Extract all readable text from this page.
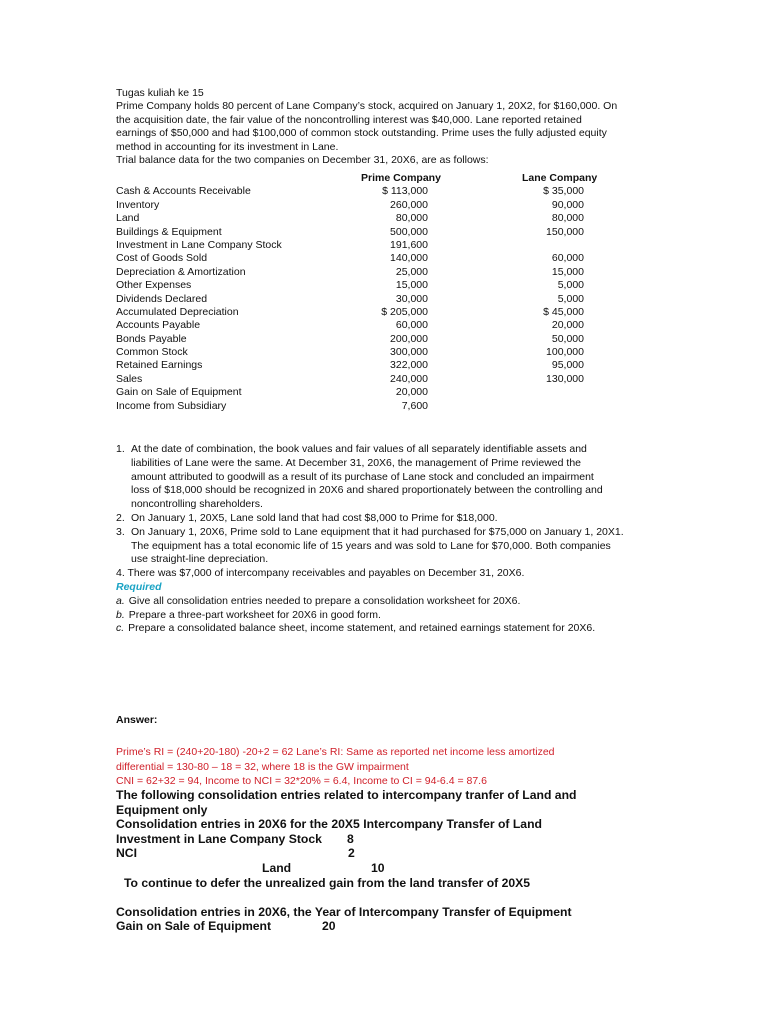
Tugas kuliah ke 15
Prime Company holds 80 percent of Lane Company’s stock, acquired on January 1, 20X2, for $160,000. On
the acquisition date, the fair value of the noncontrolling interest was $40,000. Lane reported retained
earnings of $50,000 and had $100,000 of common stock outstanding. Prime uses the fully adjusted equity
method in accounting for its investment in Lane.
Trial balance data for the two companies on December 31, 20X6, are as follows:
Prime Company	Lane Company
Cash & Accounts Receivable	$ 113,000	$ 35,000
Inventory	260,000	90,000
Land	80,000	80,000
Buildings & Equipment	500,000	150,000
Investment in Lane Company Stock	191,600
Cost of Goods Sold	140,000	60,000
Depreciation & Amortization	25,000	15,000
Other Expenses	15,000	5,000
Dividends Declared	30,000	5,000
Accumulated Depreciation	$ 205,000	$ 45,000
Accounts Payable	60,000	20,000
Bonds Payable	200,000	50,000
Common Stock	300,000	100,000
Retained Earnings	322,000	95,000
Sales	240,000	130,000
Gain on Sale of Equipment	20,000
Income from Subsidiary	7,600
1. At the date of combination, the book values and fair values of all separately identifiable assets and
liabilities of Lane were the same. At December 31, 20X6, the management of Prime reviewed the
amount attributed to goodwill as a result of its purchase of Lane stock and concluded an impairment
loss of $18,000 should be recognized in 20X6 and shared proportionately between the controlling and
noncontrolling shareholders.
2. On January 1, 20X5, Lane sold land that had cost $8,000 to Prime for $18,000.
3. On January 1, 20X6, Prime sold to Lane equipment that it had purchased for $75,000 on January 1, 20X1.
The equipment has a total economic life of 15 years and was sold to Lane for $70,000. Both companies
use straight-line depreciation.
4. There was $7,000 of intercompany receivables and payables on December 31, 20X6.
Required
a. Give all consolidation entries needed to prepare a consolidation worksheet for 20X6.
b. Prepare a three-part worksheet for 20X6 in good form.
c. Prepare a consolidated balance sheet, income statement, and retained earnings statement for 20X6.
Answer:
Prime’s RI = (240+20-180) -20+2 = 62 Lane’s RI: Same as reported net income less amortized
differential = 130-80 – 18 = 32, where 18 is the GW impairment
CNI = 62+32 = 94, Income to NCI = 32*20% = 6.4, Income to CI = 94-6.4 = 87.6
The following consolidation entries related to intercompany tranfer of Land and
Equipment only
Consolidation entries in 20X6 for the 20X5 Intercompany Transfer of Land
Investment in Lane Company Stock 8
NCI	2
Land	10
To continue to defer the unrealized gain from the land transfer of 20X5
Consolidation entries in 20X6, the Year of Intercompany Transfer of Equipment
Gain on Sale of Equipment	20
